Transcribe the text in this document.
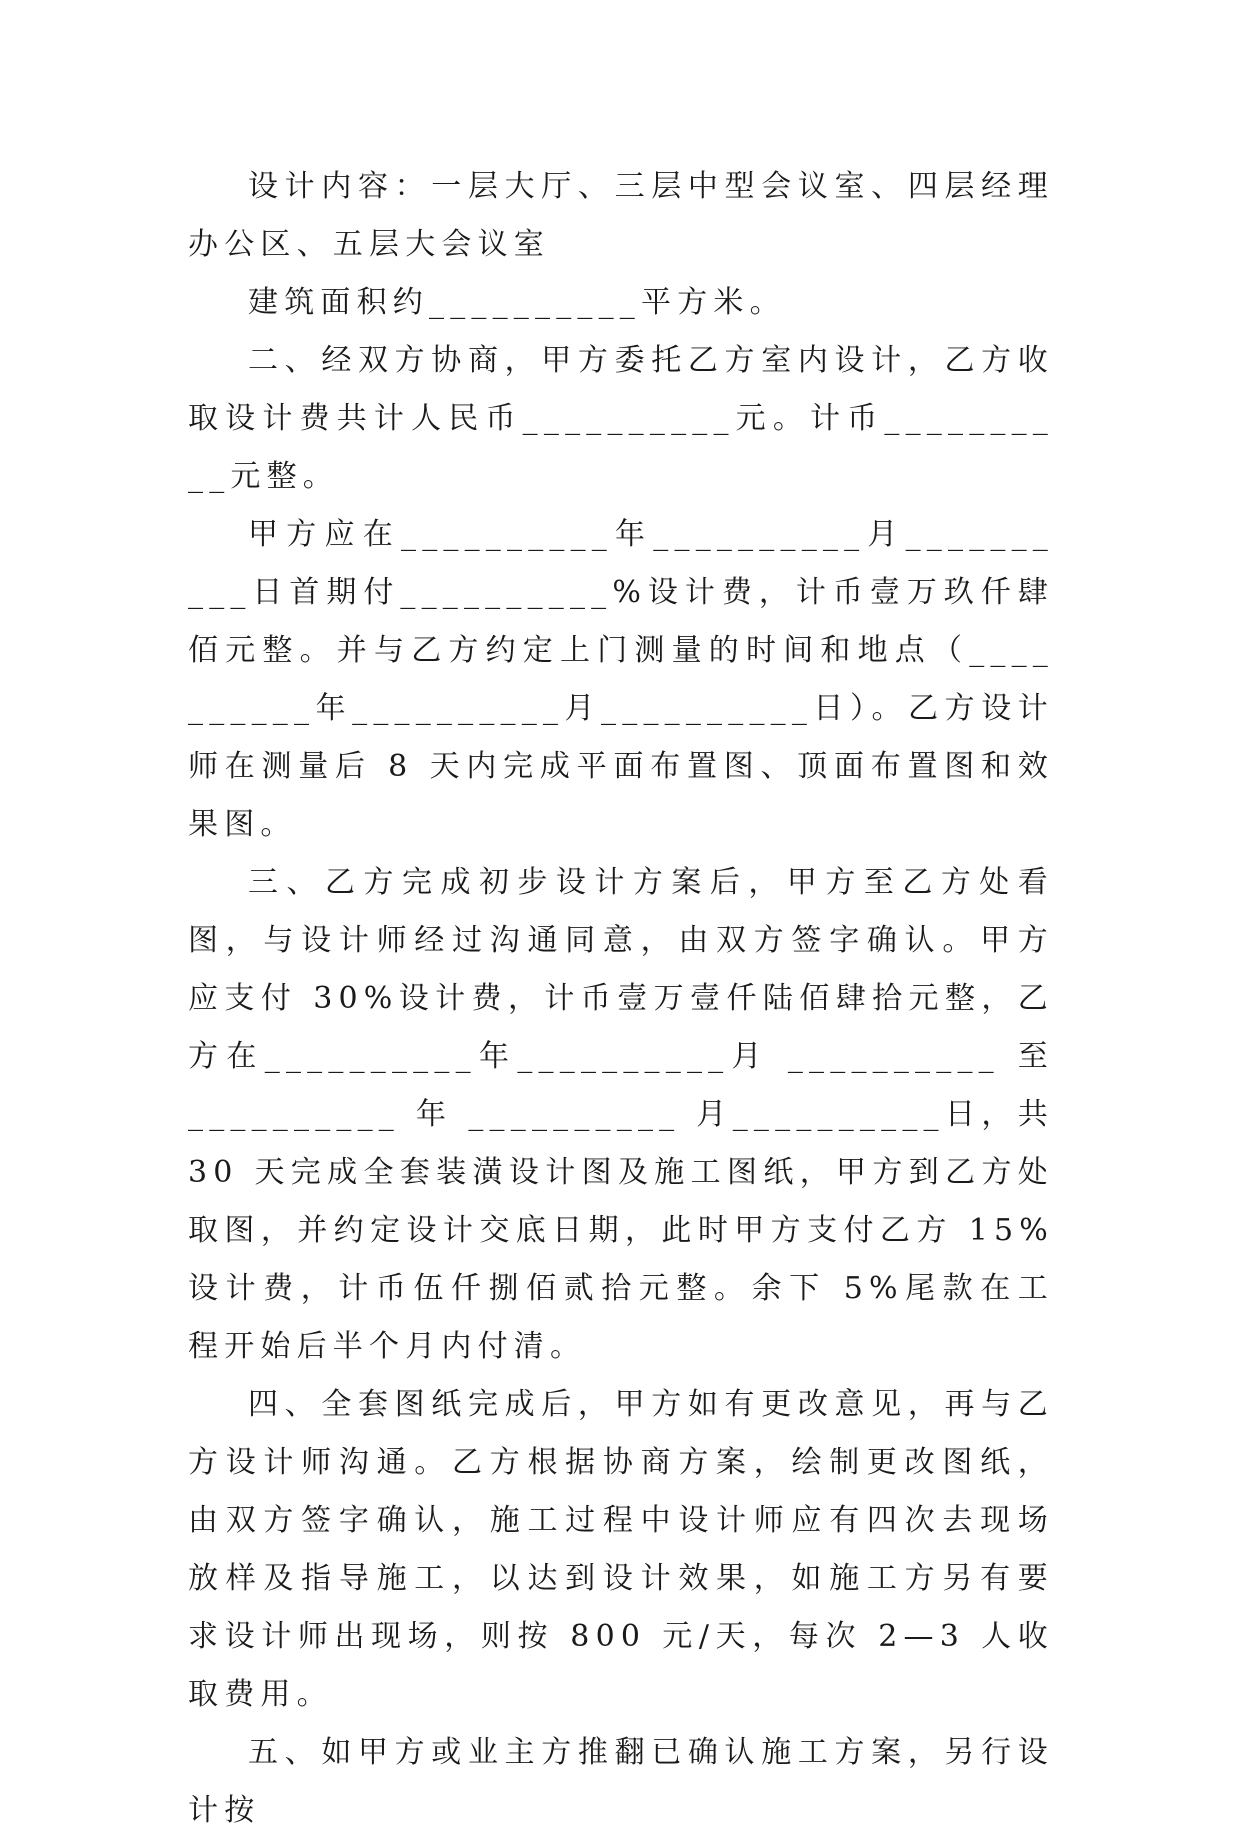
设计内容：一层大厅、三层中型会议室、四层经理办公区、五层大会议室

建筑面积约__________平方米。

二、经双方协商，甲方委托乙方室内设计，乙方收取设计费共计人民币__________元。计币__________元整。

甲方应在__________年__________月__________日首期付__________%设计费，计币壹万玖仟肆佰元整。并与乙方约定上门测量的时间和地点（__________年__________月__________日）。乙方设计师在测量后 8 天内完成平面布置图、顶面布置图和效果图。

三、乙方完成初步设计方案后，甲方至乙方处看图，与设计师经过沟通同意，由双方签字确认。甲方应支付 30%设计费，计币壹万壹仟陆佰肆拾元整，乙方在__________年__________月 __________ 至 __________ 年 __________ 月__________日，共 30 天完成全套装潢设计图及施工图纸，甲方到乙方处取图，并约定设计交底日期，此时甲方支付乙方 15%设计费，计币伍仟捌佰贰拾元整。余下 5%尾款在工程开始后半个月内付清。

四、全套图纸完成后，甲方如有更改意见，再与乙方设计师沟通。乙方根据协商方案，绘制更改图纸，由双方签字确认，施工过程中设计师应有四次去现场放样及指导施工，以达到设计效果，如施工方另有要求设计师出现场，则按 800 元/天，每次 2—3 人收取费用。

五、如甲方或业主方推翻已确认施工方案，另行设计按
